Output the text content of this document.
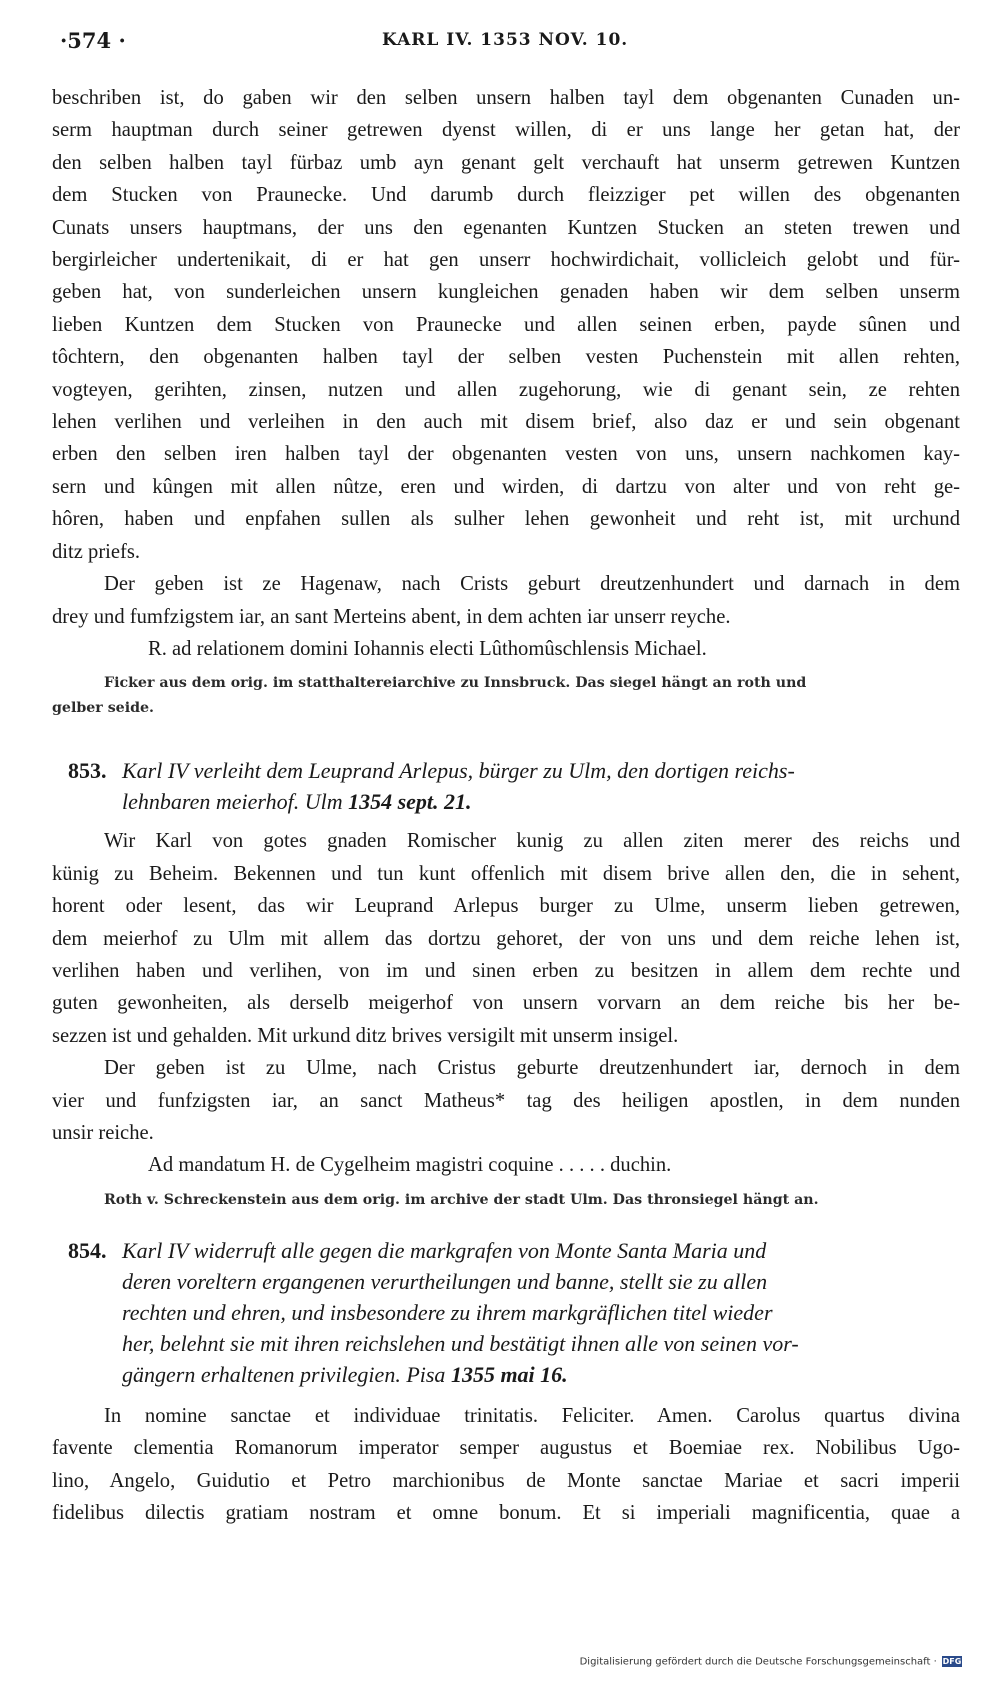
·574 ·	KARL IV. 1353 NOV. 10.

beschriben ist, do gaben wir den selben unsern halben tayl dem obgenanten Cunaden un-

serm hauptman durch seiner getrewen dyenst willen, di er uns lange her getan hat, der

den selben halben tayl fürbaz umb ayn genant gelt verchauft hat unserm getrewen Kuntzen

dem Stucken von Praunecke. Und darumb durch fleizziger pet willen des obgenanten

Cunats unsers hauptmans, der uns den egenanten Kuntzen Stucken an steten trewen und

bergirleicher undertenikait, di er hat gen unserr hochwirdichait, vollicleich gelobt und für-

geben hat, von sunderleichen unsern kungleichen genaden haben wir dem selben unserm

lieben Kuntzen dem Stucken von Praunecke und allen seinen erben, payde sûnen und

tôchtern, den obgenanten halben tayl der selben vesten Puchenstein mit allen rehten,

vogteyen, gerihten, zinsen, nutzen und allen zugehorung, wie di genant sein, ze rehten

lehen verlihen und verleihen in den auch mit disem brief, also daz er und sein obgenant

erben den selben iren halben tayl der obgenanten vesten von uns, unsern nachkomen kay-

sern und kûngen mit allen nûtze, eren und wirden, di dartzu von alter und von reht ge-

hôren, haben und enpfahen sullen als sulher lehen gewonheit und reht ist, mit urchund

ditz priefs.

Der geben ist ze Hagenaw, nach Crists geburt dreutzenhundert und darnach in dem

drey und fumfzigstem iar, an sant Merteins abent, in dem achten iar unserr reyche.

R. ad relationem domini Iohannis electi Lûthomûschlensis Michael.

Ficker aus dem orig. im statthaltereiarchive zu Innsbruck. Das siegel hängt an roth und
gelber seide.
853. Karl IV verleiht dem Leuprand Arlepus, bürger zu Ulm, den dortigen reichs-
lehnbaren meierhof. Ulm 1354 sept. 21.

Wir Karl von gotes gnaden Romischer kunig zu allen ziten merer des reichs und

künig zu Beheim. Bekennen und tun kunt offenlich mit disem brive allen den, die in sehent,

horent oder lesent, das wir Leuprand Arlepus burger zu Ulme, unserm lieben getrewen,

dem meierhof zu Ulm mit allem das dortzu gehoret, der von uns und dem reiche lehen ist,

verlihen haben und verlihen, von im und sinen erben zu besitzen in allem dem rechte und

guten gewonheiten, als derselb meigerhof von unsern vorvarn an dem reiche bis her be-

sezzen ist und gehalden. Mit urkund ditz brives versigilt mit unserm insigel.

Der geben ist zu Ulme, nach Cristus geburte dreutzenhundert iar, dernoch in dem

vier und funfzigsten iar, an sanct Matheus* tag des heiligen apostlen, in dem nunden

unsir reiche.

Ad mandatum H. de Cygelheim magistri coquine . . . . . duchin.

Roth v. Schreckenstein aus dem orig. im archive der stadt Ulm. Das thronsiegel hängt an.
854. Karl IV widerruft alle gegen die markgrafen von Monte Santa Maria und
deren voreltern ergangenen verurtheilungen und banne, stellt sie zu allen
rechten und ehren, und insbesondere zu ihrem markgräflichen titel wieder
her, belehnt sie mit ihren reichslehen und bestätigt ihnen alle von seinen vor-
gängern erhaltenen privilegien. Pisa 1355 mai 16.

In nomine sanctae et individuae trinitatis. Feliciter. Amen. Carolus quartus divina

favente clementia Romanorum imperator semper augustus et Boemiae rex. Nobilibus Ugo-

lino, Angelo, Guidutio et Petro marchionibus de Monte sanctae Mariae et sacri imperii

fidelibus dilectis gratiam nostram et omne bonum. Et si imperiali magnificentia, quae a

Digitalisierung gefördert durch die Deutsche Forschungsgemeinschaft · DFG
